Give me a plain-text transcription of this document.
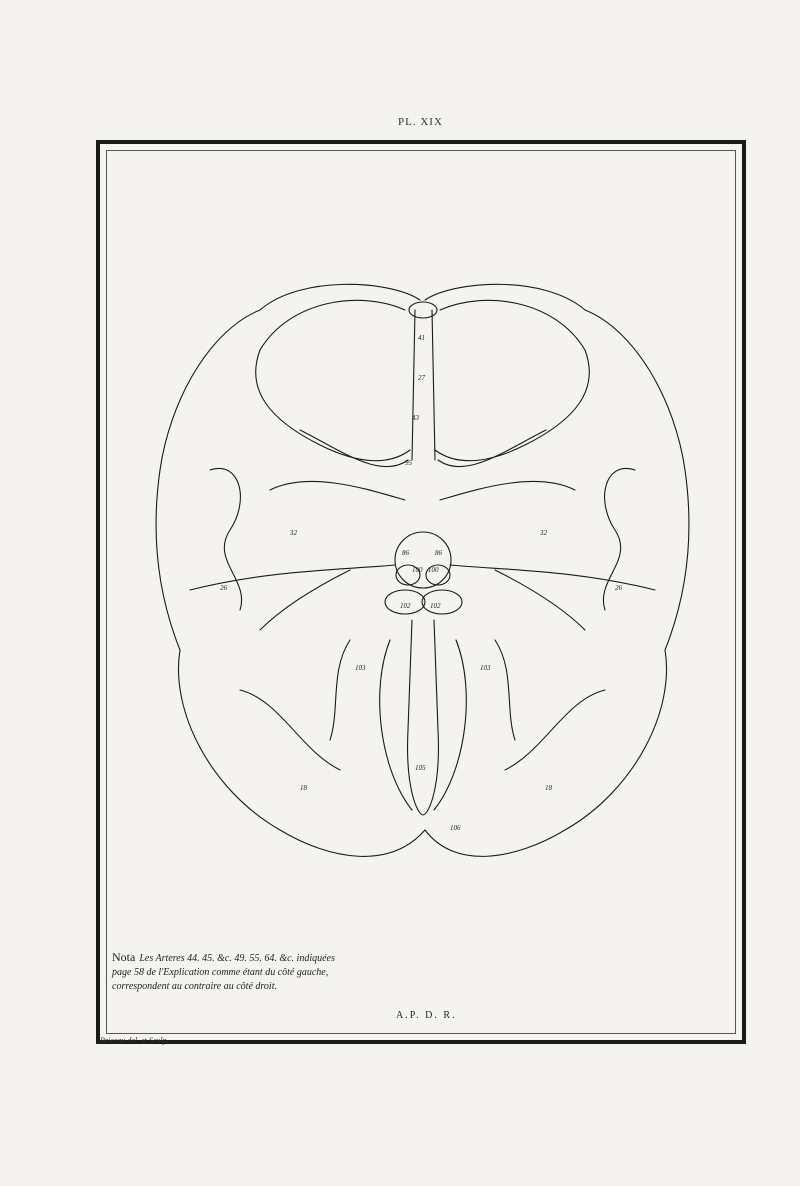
PL. XIX
41
27
43
95
86	86
100 100
102	102
103	103
105
106
32	32
26	26
18	18
Nota Les Arteres 44. 45. &c. 49. 55. 64. &c. indiquées page 58 de l'Explication comme étant du côté gauche, correspondent au contraire au côté droit.
A.P. D. R.
Briceau del. et Sculp.
